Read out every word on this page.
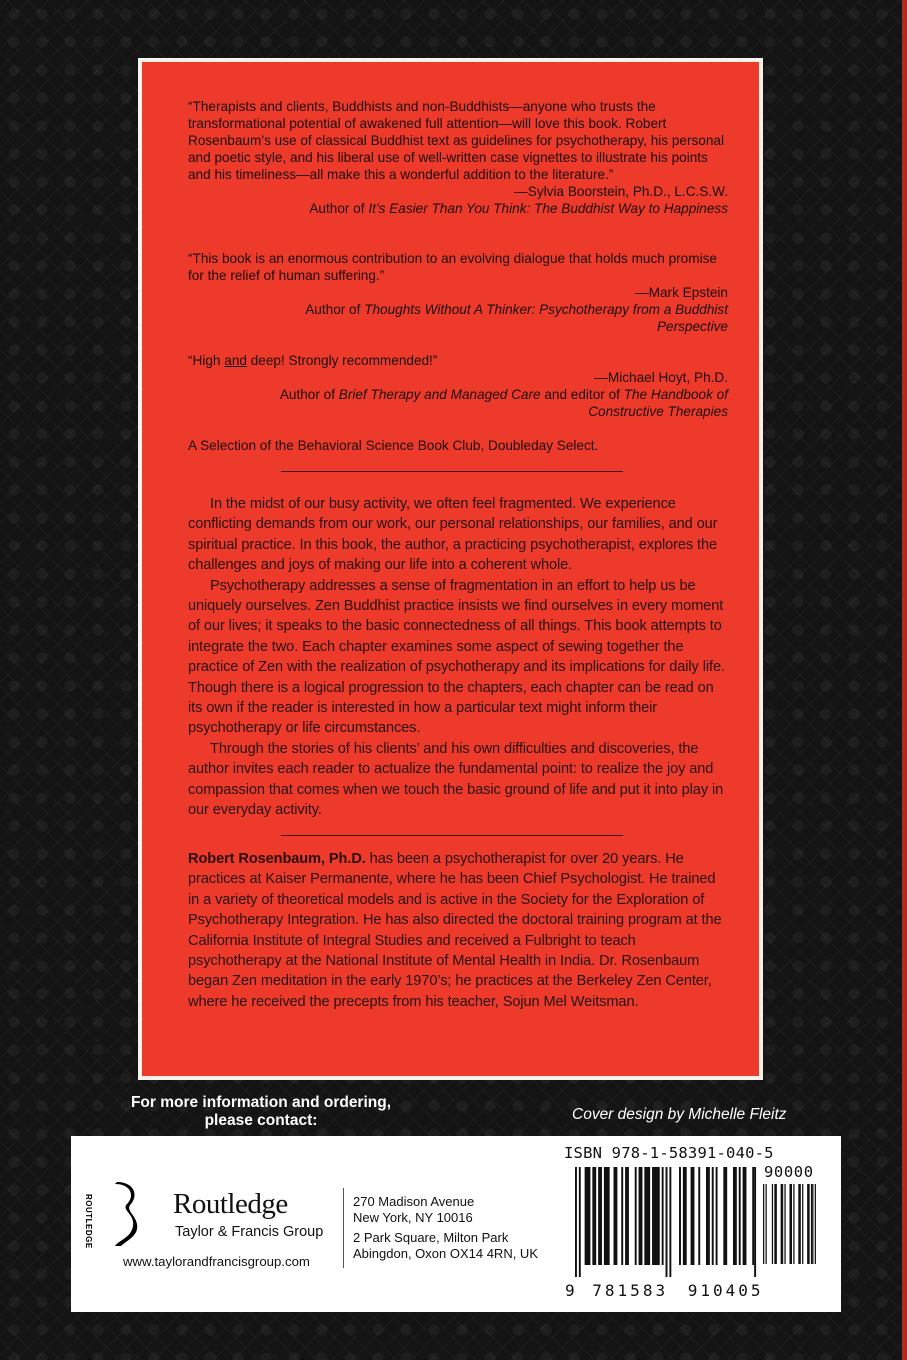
“Therapists and clients, Buddhists and non-Buddhists—anyone who trusts the transformational potential of awakened full attention—will love this book. Robert Rosenbaum’s use of classical Buddhist text as guidelines for psychotherapy, his personal and poetic style, and his liberal use of well-written case vignettes to illustrate his points and his timeliness—all make this a wonderful addition to the literature.”

—Sylvia Boorstein, Ph.D., L.C.S.W.

Author of It’s Easier Than You Think: The Buddhist Way to Happiness

“This book is an enormous contribution to an evolving dialogue that holds much promise for the relief of human suffering.”

—Mark Epstein

Author of Thoughts Without A Thinker: Psychotherapy from a Buddhist Perspective

“High and deep! Strongly recommended!”

—Michael Hoyt, Ph.D.

Author of Brief Therapy and Managed Care and editor of The Handbook of Constructive Therapies

A Selection of the Behavioral Science Book Club, Doubleday Select.

In the midst of our busy activity, we often feel fragmented. We experience conflicting demands from our work, our personal relationships, our families, and our spiritual practice. In this book, the author, a practicing psychotherapist, explores the challenges and joys of making our life into a coherent whole.

Psychotherapy addresses a sense of fragmentation in an effort to help us be uniquely ourselves. Zen Buddhist practice insists we find ourselves in every moment of our lives; it speaks to the basic connectedness of all things. This book attempts to integrate the two. Each chapter examines some aspect of sewing together the practice of Zen with the realization of psychotherapy and its implications for daily life. Though there is a logical progression to the chapters, each chapter can be read on its own if the reader is interested in how a particular text might inform their psychotherapy or life circumstances.

Through the stories of his clients’ and his own difficulties and discoveries, the author invites each reader to actualize the fundamental point: to realize the joy and compassion that comes when we touch the basic ground of life and put it into play in our everyday activity.

Robert Rosenbaum, Ph.D. has been a psychotherapist for over 20 years. He practices at Kaiser Permanente, where he has been Chief Psychologist. He trained in a variety of theoretical models and is active in the Society for the Exploration of Psychotherapy Integration. He has also directed the doctoral training program at the California Institute of Integral Studies and received a Fulbright to teach psychotherapy at the National Institute of Mental Health in India. Dr. Rosenbaum began Zen meditation in the early 1970’s; he practices at the Berkeley Zen Center, where he received the precepts from his teacher, Sojun Mel Weitsman.
For more information and ordering,
please contact:	Cover design by Michelle Fleitz
ROUTLEDGE	Routledge
Taylor & Francis Group
www.taylorandfrancisgroup.com
270 Madison Avenue
New York, NY 10016
2 Park Square, Milton Park
Abingdon, Oxon OX14 4RN, UK
ISBN 978-1-58391-040-5
90000
9 781583 910405
